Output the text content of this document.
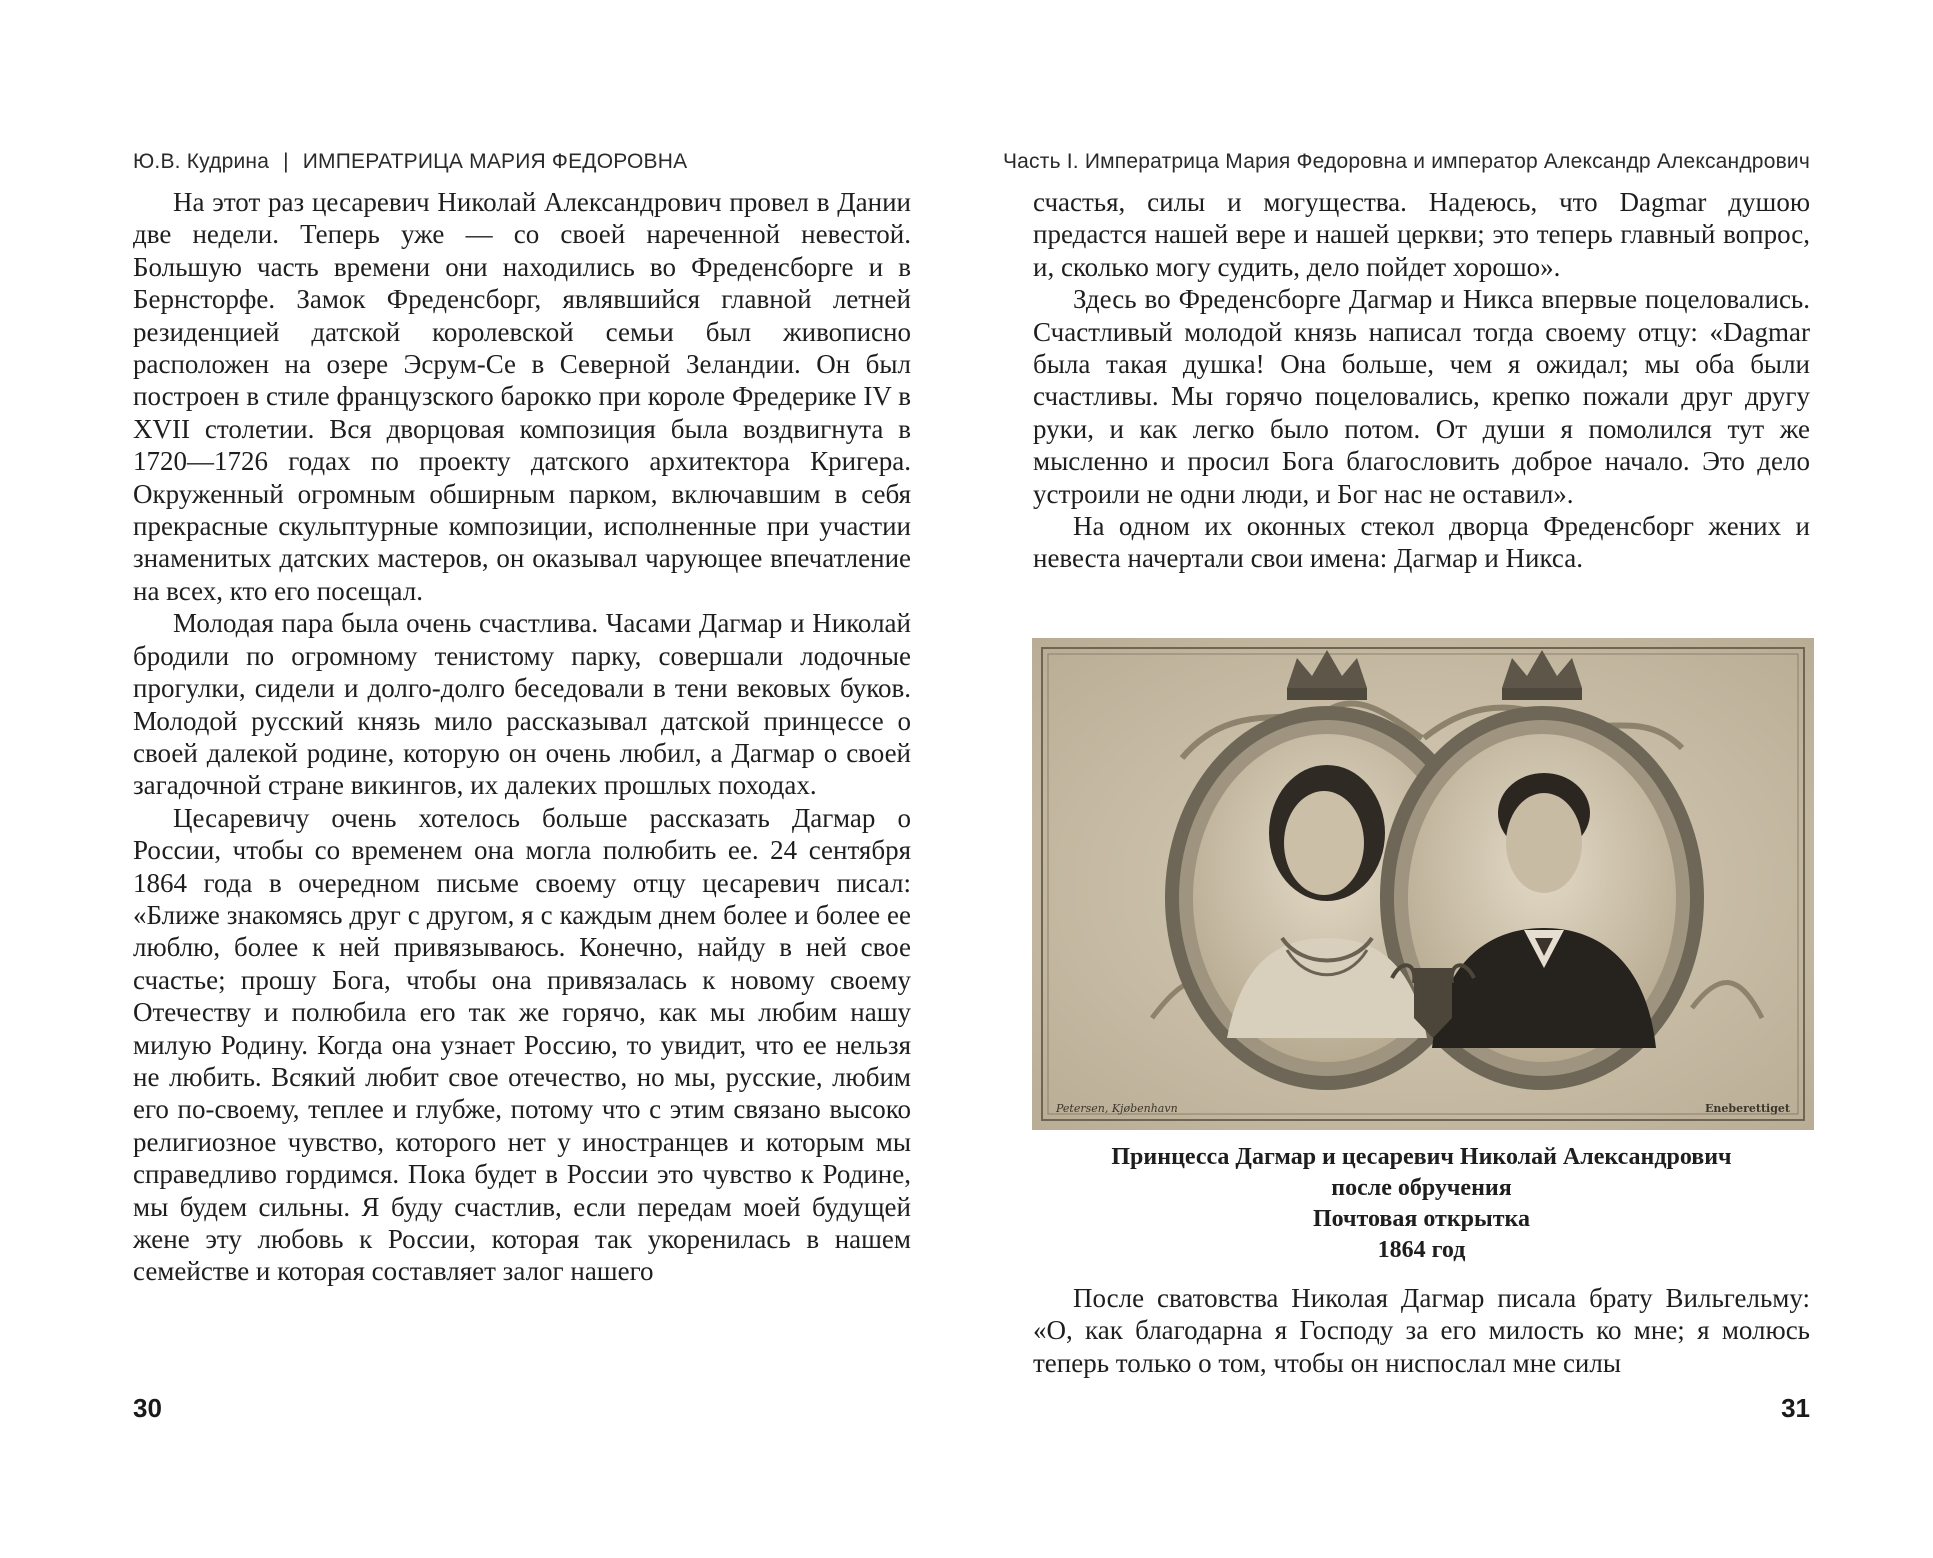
Ю.В. Кудрина | ИМПЕРАТРИЦА МАРИЯ ФЕДОРОВНА

На этот раз цесаревич Николай Александрович провел в Дании две недели. Теперь уже — со своей нареченной невестой. Большую часть времени они находились во Фреденсборге и в Бернсторфе. Замок Фреденсборг, являвшийся главной летней резиденцией датской королевской семьи был живописно расположен на озере Эсрум-Се в Северной Зеландии. Он был построен в стиле французского барокко при короле Фредерике IV в XVII столетии. Вся дворцовая композиция была воздвигнута в 1720—1726 годах по проекту датского архитектора Кригера. Окруженный огромным обширным парком, включавшим в себя прекрасные скульптурные композиции, исполненные при участии знаменитых датских мастеров, он оказывал чарующее впечатление на всех, кто его посещал.

Молодая пара была очень счастлива. Часами Дагмар и Николай бродили по огромному тенистому парку, совершали лодочные прогулки, сидели и долго-долго беседовали в тени вековых буков. Молодой русский князь мило рассказывал датской принцессе о своей далекой родине, которую он очень любил, а Дагмар о своей загадочной стране викингов, их далеких прошлых походах.

Цесаревичу очень хотелось больше рассказать Дагмар о России, чтобы со временем она могла полюбить ее. 24 сентября 1864 года в очередном письме своему отцу цесаревич писал: «Ближе знакомясь друг с другом, я с каждым днем более и более ее люблю, более к ней привязываюсь. Конечно, найду в ней свое счастье; прошу Бога, чтобы она привязалась к новому своему Отечеству и полюбила его так же горячо, как мы любим нашу милую Родину. Когда она узнает Россию, то увидит, что ее нельзя не любить. Всякий любит свое отечество, но мы, русские, любим его по-своему, теплее и глубже, потому что с этим связано высоко религиозное чувство, которого нет у иностранцев и которым мы справедливо гордимся. Пока будет в России это чувство к Родине, мы будем сильны. Я буду счастлив, если передам моей будущей жене эту любовь к России, которая так укоренилась в нашем семействе и которая составляет залог нашего

30
Часть I. Императрица Мария Федоровна и император Александр Александрович

счастья, силы и могущества. Надеюсь, что Dagmar душою предастся нашей вере и нашей церкви; это теперь главный вопрос, и, сколько могу судить, дело пойдет хорошо».

Здесь во Фреденсборге Дагмар и Никса впервые поцеловались. Счастливый молодой князь написал тогда своему отцу: «Dagmar была такая душка! Она больше, чем я ожидал; мы оба были счастливы. Мы горячо поцеловались, крепко пожали друг другу руки, и как легко было потом. От души я помолился тут же мысленно и просил Бога благословить доброе начало. Это дело устроили не одни люди, и Бог нас не оставил».

На одном их оконных стекол дворца Фреденсборг жених и невеста начертали свои имена: Дагмар и Никса.

Petersen, Kjøbenhavn	Eneberettiget
Принцесса Дагмар и цесаревич Николай Александрович
после обручения
Почтовая открытка
1864 год

После сватовства Николая Дагмар писала брату Вильгельму: «О, как благодарна я Господу за его милость ко мне; я молюсь теперь только о том, чтобы он ниспослал мне силы

31
